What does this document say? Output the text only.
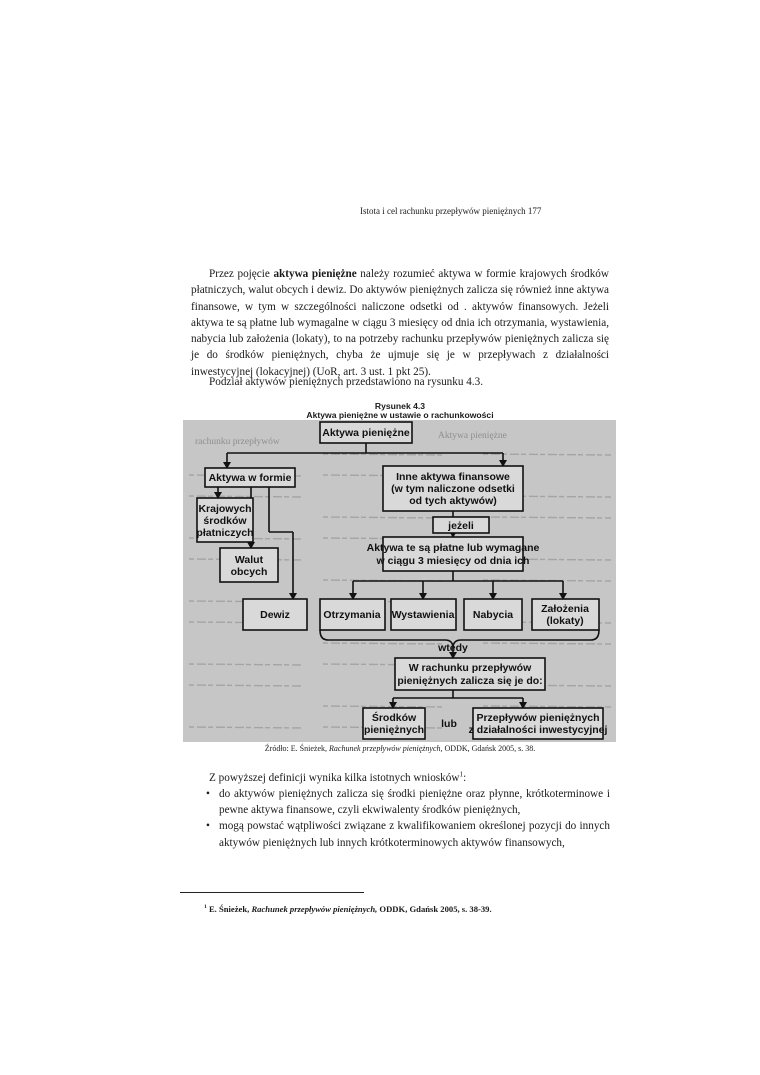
Istota i cel rachunku przepływów pieniężnych 177

Przez pojęcie aktywa pieniężne należy rozumieć aktywa w formie krajowych środków płatniczych, walut obcych i dewiz. Do aktywów pieniężnych zalicza się również inne aktywa finansowe, w tym w szczególności naliczone odsetki od . aktywów finansowych. Jeżeli aktywa te są płatne lub wymagalne w ciągu 3 miesięcy od dnia ich otrzymania, wystawienia, nabycia lub założenia (lokaty), to na potrzeby rachunku przepływów pieniężnych zalicza się je do środków pieniężnych, chyba że ujmuje się je w przepływach z działalności inwestycyjnej (lokacyjnej) (UoR, art. 3 ust. 1 pkt 25).

Podział aktywów pieniężnych przedstawiono na rysunku 4.3.

Rysunek 4.3
Aktywa pieniężne w ustawie o rachunkowości
rachunku przepływów
Aktywa pieniężne
Aktywa pieniężne
Aktywa w formie	Inne aktywa finansowe
(w tym naliczone odsetki
od tych aktywów)
Krajowych
środków
płatniczych
Walut
obcych
jeżeli
Aktywa te są płatne lub wymagane
w ciągu 3 miesięcy od dnia ich
Dewiz	Otrzymania Wystawienia Nabycia	Założenia
(lokaty)
wtedy
W rachunku przepływów
pieniężnych zalicza się je do:
Środków
pieniężnych lub Przepływów pieniężnych
z działalności inwestycyjnej
Źródło: E. Śnieżek, Rachunek przepływów pieniężnych, ODDK, Gdańsk 2005, s. 38.
Z powyższej definicji wynika kilka istotnych wniosków$^1$:
• do aktywów pieniężnych zalicza się środki pieniężne oraz płynne, krótkoterminowe i pewne aktywa finansowe, czyli ekwiwalenty środków pieniężnych,
• mogą powstać wątpliwości związane z kwalifikowaniem określonej pozycji do innych aktywów pieniężnych lub innych krótkoterminowych aktywów finansowych,
$^1$ E. Śnieżek, Rachunek przepływów pieniężnych, ODDK, Gdańsk 2005, s. 38-39.
